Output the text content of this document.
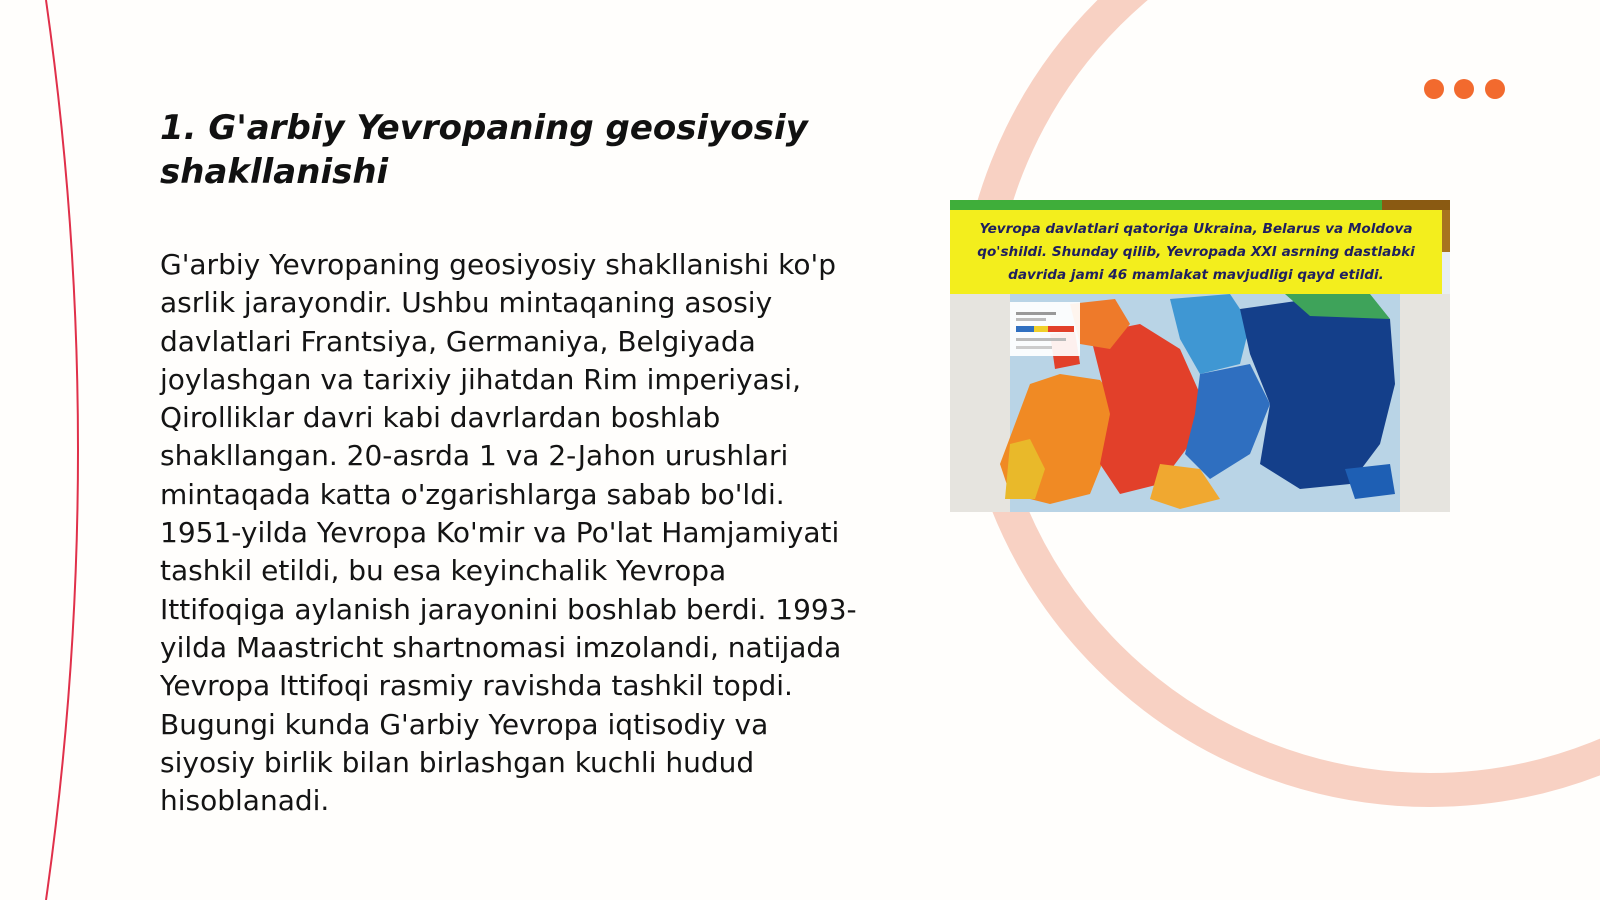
1. G'arbiy Yevropaning geosiyosiy shakllanishi

G'arbiy Yevropaning geosiyosiy shakllanishi ko'p asrlik jarayondir. Ushbu mintaqaning asosiy davlatlari Frantsiya, Germaniya, Belgiyada joylashgan va tarixiy jihatdan Rim imperiyasi, Qirolliklar davri kabi davrlardan boshlab shakllangan. 20-asrda 1 va 2-Jahon urushlari mintaqada katta o'zgarishlarga sabab bo'ldi. 1951-yilda Yevropa Ko'mir va Po'lat Hamjamiyati tashkil etildi, bu esa keyinchalik Yevropa Ittifoqiga aylanish jarayonini boshlab berdi. 1993-yilda Maastricht shartnomasi imzolandi, natijada Yevropa Ittifoqi rasmiy ravishda tashkil topdi. Bugungi kunda G'arbiy Yevropa iqtisodiy va siyosiy birlik bilan birlashgan kuchli hudud hisoblanadi.

Yevropa davlatlari qatoriga Ukraina, Belarus va Moldova qo'shildi. Shunday qilib, Yevropada XXI asrning dastlabki davrida jami 46 mamlakat mavjudligi qayd etildi.
